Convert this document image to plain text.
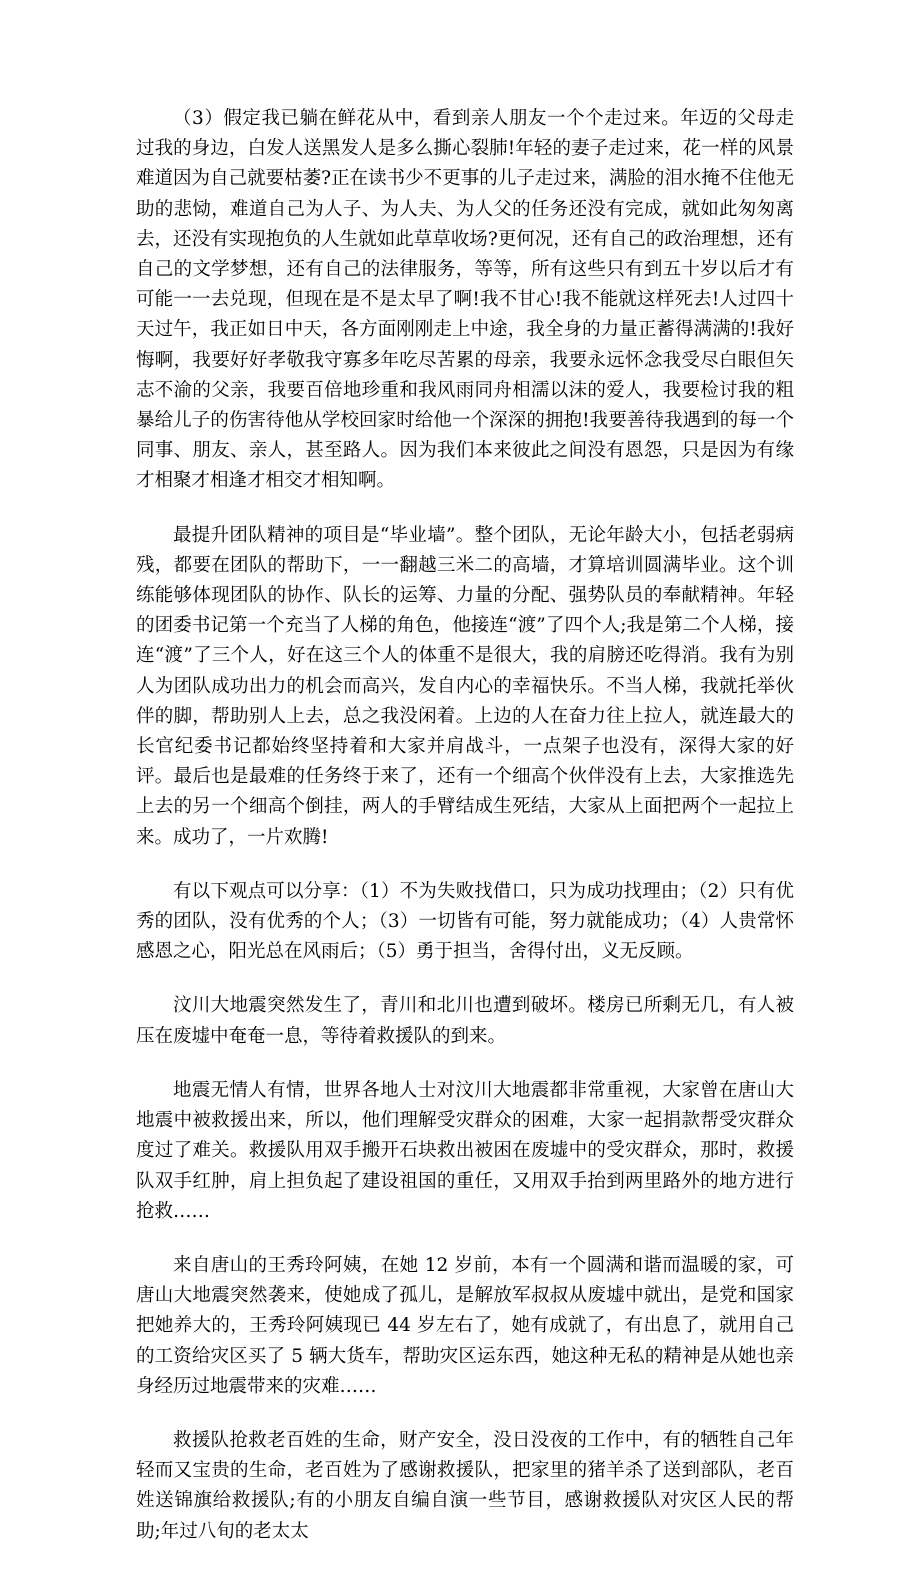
（3）假定我已躺在鲜花从中，看到亲人朋友一个个走过来。年迈的父母走过我的身边，白发人送黑发人是多么撕心裂肺!年轻的妻子走过来，花一样的风景难道因为自己就要枯萎?正在读书少不更事的儿子走过来，满脸的泪水掩不住他无助的悲恸，难道自己为人子、为人夫、为人父的任务还没有完成，就如此匆匆离去，还没有实现抱负的人生就如此草草收场?更何况，还有自己的政治理想，还有自己的文学梦想，还有自己的法律服务，等等，所有这些只有到五十岁以后才有可能一一去兑现，但现在是不是太早了啊!我不甘心!我不能就这样死去!人过四十天过午，我正如日中天，各方面刚刚走上中途，我全身的力量正蓄得满满的!我好悔啊，我要好好孝敬我守寡多年吃尽苦累的母亲，我要永远怀念我受尽白眼但矢志不渝的父亲，我要百倍地珍重和我风雨同舟相濡以沫的爱人，我要检讨我的粗暴给儿子的伤害待他从学校回家时给他一个深深的拥抱!我要善待我遇到的每一个同事、朋友、亲人，甚至路人。因为我们本来彼此之间没有恩怨，只是因为有缘才相聚才相逢才相交才相知啊。

最提升团队精神的项目是“毕业墙”。整个团队，无论年龄大小，包括老弱病残，都要在团队的帮助下，一一翻越三米二的高墙，才算培训圆满毕业。这个训练能够体现团队的协作、队长的运筹、力量的分配、强势队员的奉献精神。年轻的团委书记第一个充当了人梯的角色，他接连“渡”了四个人;我是第二个人梯，接连“渡”了三个人，好在这三个人的体重不是很大，我的肩膀还吃得消。我有为别人为团队成功出力的机会而高兴，发自内心的幸福快乐。不当人梯，我就托举伙伴的脚，帮助别人上去，总之我没闲着。上边的人在奋力往上拉人，就连最大的长官纪委书记都始终坚持着和大家并肩战斗，一点架子也没有，深得大家的好评。最后也是最难的任务终于来了，还有一个细高个伙伴没有上去，大家推选先上去的另一个细高个倒挂，两人的手臂结成生死结，大家从上面把两个一起拉上来。成功了，一片欢腾!

有以下观点可以分享：（1）不为失败找借口，只为成功找理由；（2）只有优秀的团队，没有优秀的个人；（3）一切皆有可能，努力就能成功；（4）人贵常怀感恩之心，阳光总在风雨后；（5）勇于担当，舍得付出，义无反顾。

汶川大地震突然发生了，青川和北川也遭到破坏。楼房已所剩无几，有人被压在废墟中奄奄一息，等待着救援队的到来。

地震无情人有情，世界各地人士对汶川大地震都非常重视，大家曾在唐山大地震中被救援出来，所以，他们理解受灾群众的困难，大家一起捐款帮受灾群众度过了难关。救援队用双手搬开石块救出被困在废墟中的受灾群众，那时，救援队双手红肿，肩上担负起了建设祖国的重任，又用双手抬到两里路外的地方进行抢救……

来自唐山的王秀玲阿姨，在她 12 岁前，本有一个圆满和谐而温暖的家，可唐山大地震突然袭来，使她成了孤儿，是解放军叔叔从废墟中就出，是党和国家把她养大的，王秀玲阿姨现已 44 岁左右了，她有成就了，有出息了，就用自己的工资给灾区买了 5 辆大货车，帮助灾区运东西，她这种无私的精神是从她也亲身经历过地震带来的灾难……

救援队抢救老百姓的生命，财产安全，没日没夜的工作中，有的牺牲自己年轻而又宝贵的生命，老百姓为了感谢救援队，把家里的猪羊杀了送到部队，老百姓送锦旗给救援队;有的小朋友自编自演一些节目，感谢救援队对灾区人民的帮助;年过八旬的老太太
